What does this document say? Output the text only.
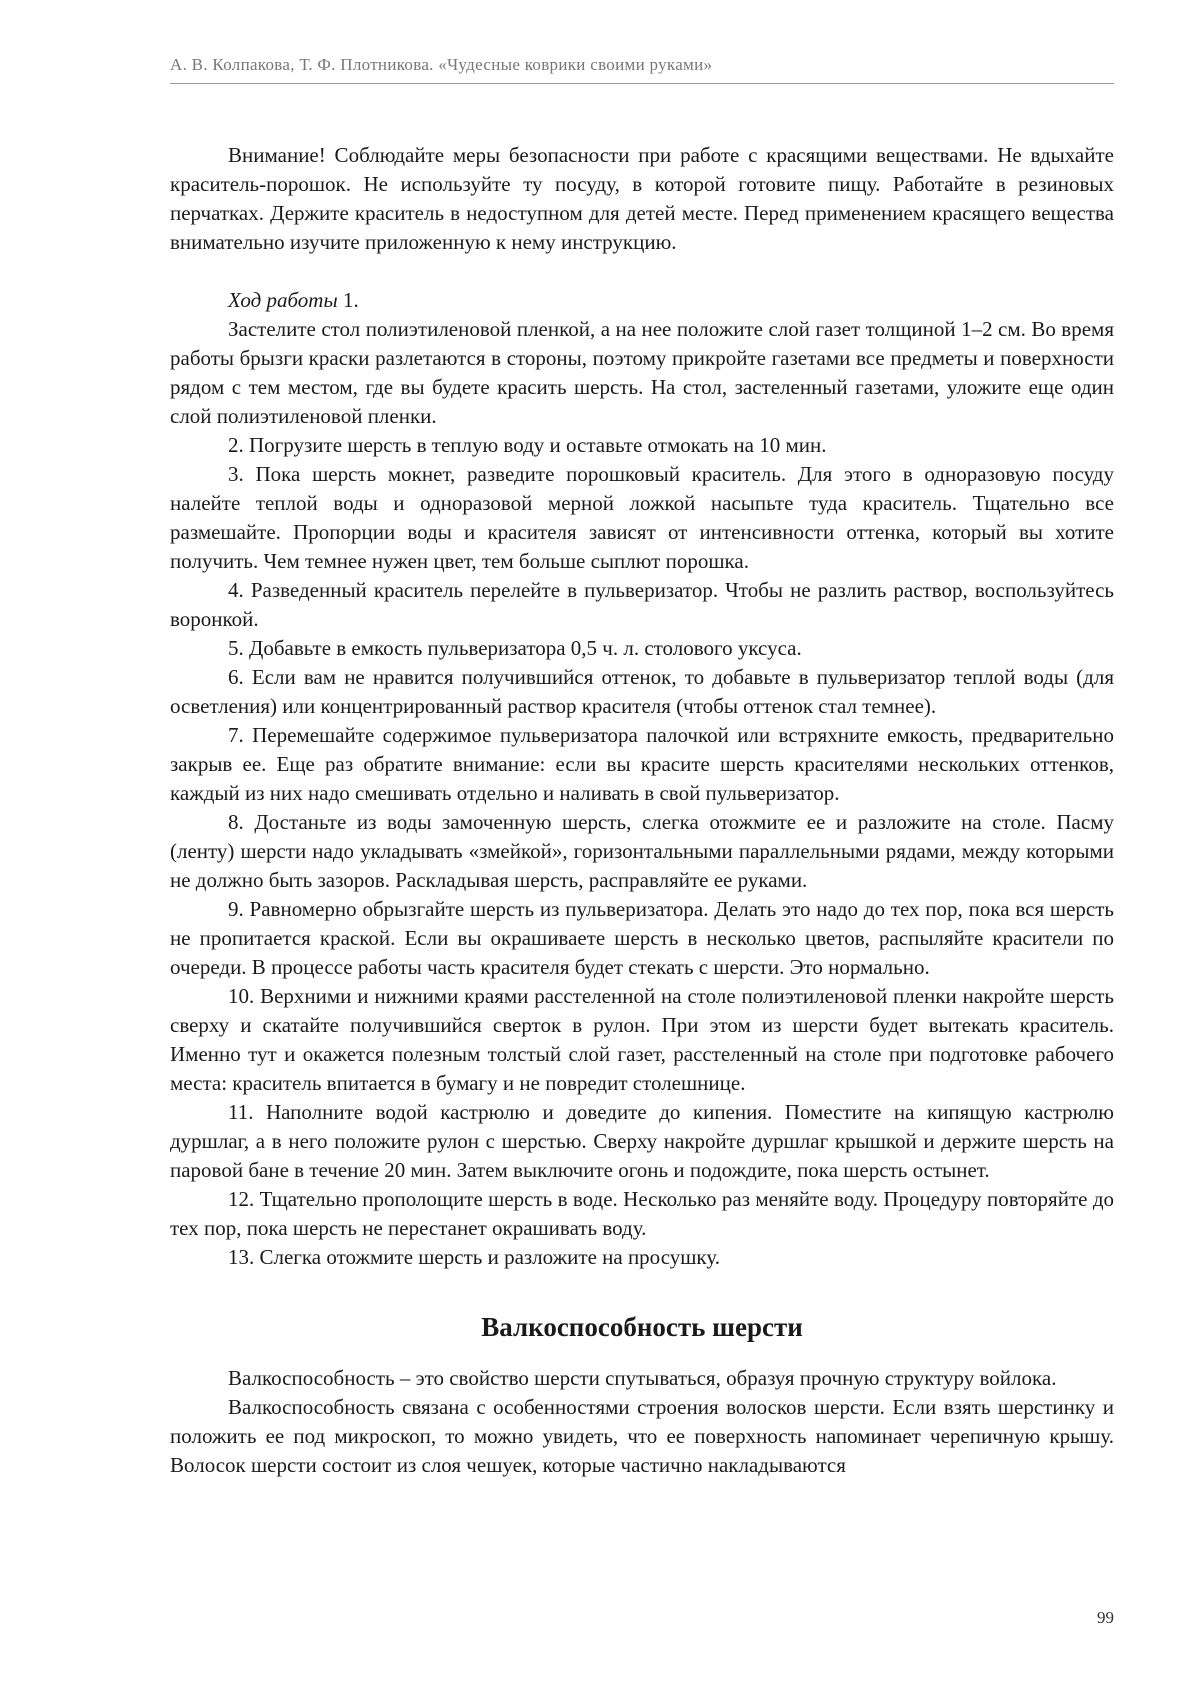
А. В. Колпакова, Т. Ф. Плотникова. «Чудесные коврики своими руками»

Внимание! Соблюдайте меры безопасности при работе с красящими веществами. Не вдыхайте краситель-порошок. Не используйте ту посуду, в которой готовите пищу. Работайте в резиновых перчатках. Держите краситель в недоступном для детей месте. Перед применением красящего вещества внимательно изучите приложенную к нему инструкцию.

Ход работы 1.

Застелите стол полиэтиленовой пленкой, а на нее положите слой газет толщиной 1–2 см. Во время работы брызги краски разлетаются в стороны, поэтому прикройте газетами все предметы и поверхности рядом с тем местом, где вы будете красить шерсть. На стол, застеленный газетами, уложите еще один слой полиэтиленовой пленки.

2. Погрузите шерсть в теплую воду и оставьте отмокать на 10 мин.

3. Пока шерсть мокнет, разведите порошковый краситель. Для этого в одноразовую посуду налейте теплой воды и одноразовой мерной ложкой насыпьте туда краситель. Тщательно все размешайте. Пропорции воды и красителя зависят от интенсивности оттенка, который вы хотите получить. Чем темнее нужен цвет, тем больше сыплют порошка.

4. Разведенный краситель перелейте в пульверизатор. Чтобы не разлить раствор, воспользуйтесь воронкой.

5. Добавьте в емкость пульверизатора 0,5 ч. л. столового уксуса.

6. Если вам не нравится получившийся оттенок, то добавьте в пульверизатор теплой воды (для осветления) или концентрированный раствор красителя (чтобы оттенок стал темнее).

7. Перемешайте содержимое пульверизатора палочкой или встряхните емкость, предварительно закрыв ее. Еще раз обратите внимание: если вы красите шерсть красителями нескольких оттенков, каждый из них надо смешивать отдельно и наливать в свой пульверизатор.

8. Достаньте из воды замоченную шерсть, слегка отожмите ее и разложите на столе. Пасму (ленту) шерсти надо укладывать «змейкой», горизонтальными параллельными рядами, между которыми не должно быть зазоров. Раскладывая шерсть, расправляйте ее руками.

9. Равномерно обрызгайте шерсть из пульверизатора. Делать это надо до тех пор, пока вся шерсть не пропитается краской. Если вы окрашиваете шерсть в несколько цветов, распыляйте красители по очереди. В процессе работы часть красителя будет стекать с шерсти. Это нормально.

10. Верхними и нижними краями расстеленной на столе полиэтиленовой пленки накройте шерсть сверху и скатайте получившийся сверток в рулон. При этом из шерсти будет вытекать краситель. Именно тут и окажется полезным толстый слой газет, расстеленный на столе при подготовке рабочего места: краситель впитается в бумагу и не повредит столешнице.

11. Наполните водой кастрюлю и доведите до кипения. Поместите на кипящую кастрюлю дуршлаг, а в него положите рулон с шерстью. Сверху накройте дуршлаг крышкой и держите шерсть на паровой бане в течение 20 мин. Затем выключите огонь и подождите, пока шерсть остынет.

12. Тщательно прополощите шерсть в воде. Несколько раз меняйте воду. Процедуру повторяйте до тех пор, пока шерсть не перестанет окрашивать воду.

13. Слегка отожмите шерсть и разложите на просушку.

Валкоспособность шерсти

Валкоспособность – это свойство шерсти спутываться, образуя прочную структуру войлока.

Валкоспособность связана с особенностями строения волосков шерсти. Если взять шерстинку и положить ее под микроскоп, то можно увидеть, что ее поверхность напоминает черепичную крышу. Волосок шерсти состоит из слоя чешуек, которые частично накладываются

99
